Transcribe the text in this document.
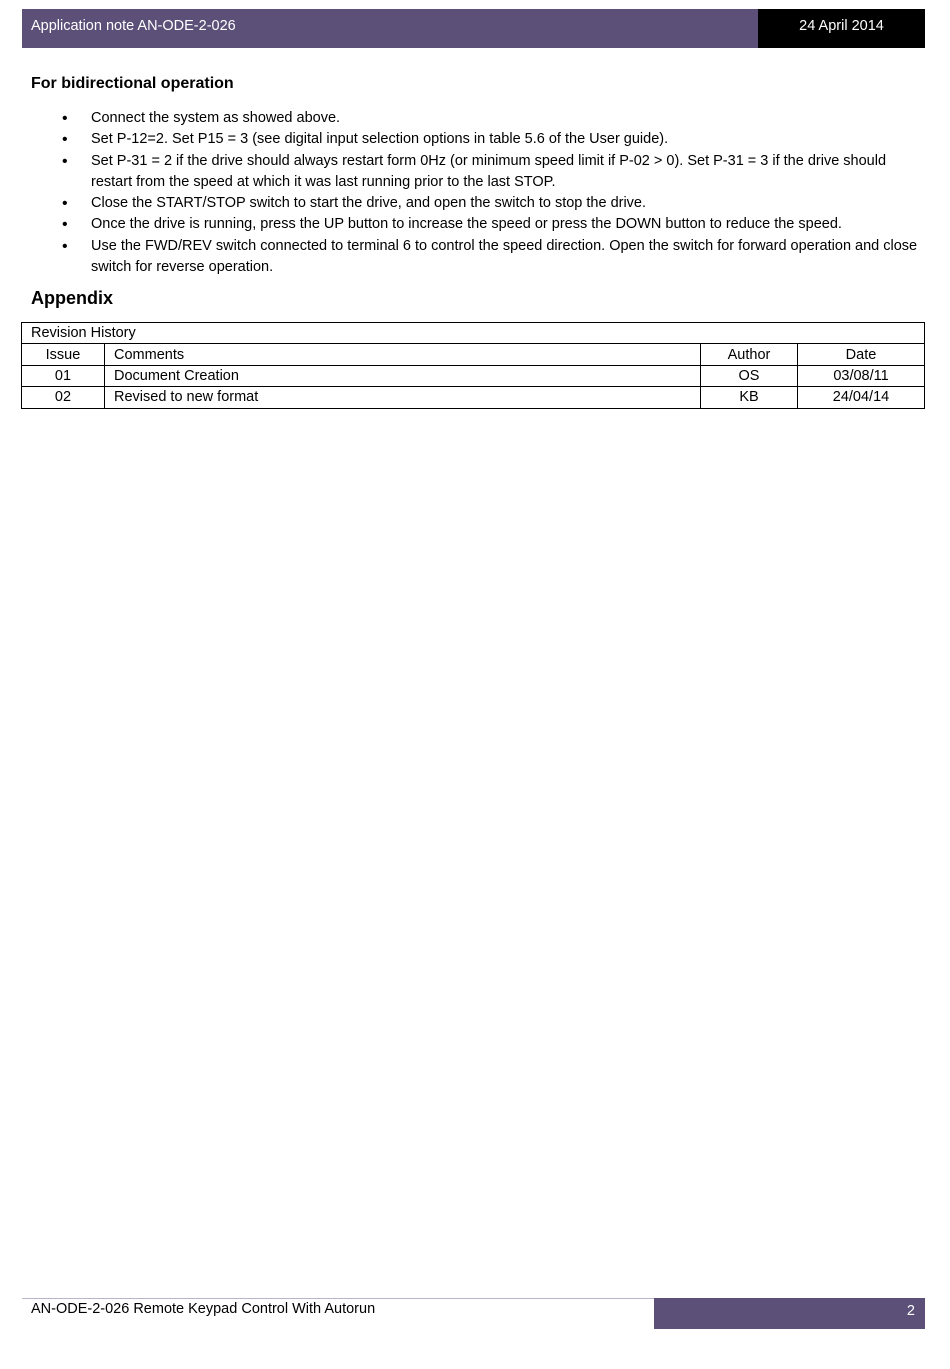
Application note AN-ODE-2-026	24 April 2014
For bidirectional operation
• Connect the system as showed above.
• Set P-12=2. Set P15 = 3 (see digital input selection options in table 5.6 of the User guide).
• Set P-31 = 2 if the drive should always restart form 0Hz (or minimum speed limit if P-02 > 0). Set P-31 = 3 if the drive should restart from the speed at which it was last running prior to the last STOP.
• Close the START/STOP switch to start the drive, and open the switch to stop the drive.
• Once the drive is running, press the UP button to increase the speed or press the DOWN button to reduce the speed.
• Use the FWD/REV switch connected to terminal 6 to control the speed direction. Open the switch for forward operation and close switch for reverse operation.
Appendix
Revision History			
Issue	Comments	Author	Date
01	Document Creation	OS	03/08/11
02	Revised to new format	KB	24/04/14
AN-ODE-2-026 Remote Keypad Control With Autorun	2
